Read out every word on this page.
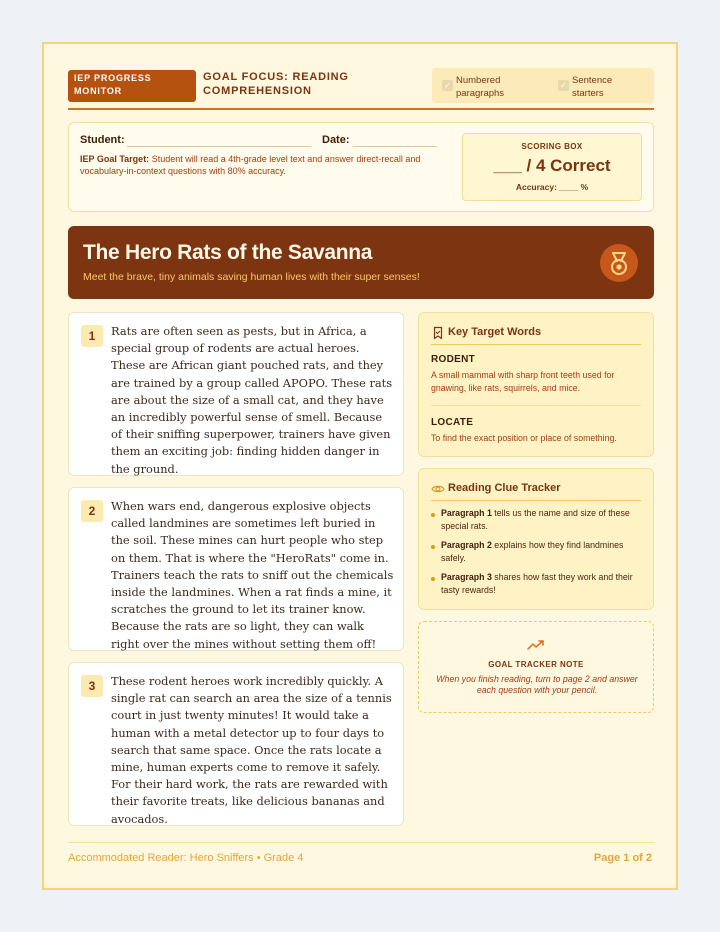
IEP PROGRESS MONITOR
GOAL FOCUS: READING COMPREHENSION	✓ Numbered paragraphs
✓ Sentence starters
Student:	Date:
IEP Goal Target: Student will read a 4th-grade level text and answer direct-recall and vocabulary-in-context questions with 80% accuracy.
SCORING BOX
___ / 4 Correct
Accuracy: ____ %
The Hero Rats of the Savanna
Meet the brave, tiny animals saving human lives with their super senses!
1	Rats are often seen as pests, but in Africa, a special group of rodents are actual heroes. These are African giant pouched rats, and they are trained by a group called APOPO. These rats are about the size of a small cat, and they have an incredibly powerful sense of smell. Because of their sniffing superpower, trainers have given them an exciting job: finding hidden danger in the ground.
2	When wars end, dangerous explosive objects called landmines are sometimes left buried in the soil. These mines can hurt people who step on them. That is where the "HeroRats" come in. Trainers teach the rats to sniff out the chemicals inside the landmines. When a rat finds a mine, it scratches the ground to let its trainer know. Because the rats are so light, they can walk right over the mines without setting them off!
3	These rodent heroes work incredibly quickly. A single rat can search an area the size of a tennis court in just twenty minutes! It would take a human with a metal detector up to four days to search that same space. Once the rats locate a mine, human experts come to remove it safely. For their hard work, the rats are rewarded with their favorite treats, like delicious bananas and avocados.
Key Target Words
RODENT
A small mammal with sharp front teeth used for gnawing, like rats, squirrels, and mice.
LOCATE
To find the exact position or place of something.
Reading Clue Tracker
Paragraph 1 tells us the name and size of these special rats.
Paragraph 2 explains how they find landmines safely.
Paragraph 3 shares how fast they work and their tasty rewards!
GOAL TRACKER NOTE
When you finish reading, turn to page 2 and answer each question with your pencil.
Accommodated Reader: Hero Sniffers • Grade 4	Page 1 of 2
